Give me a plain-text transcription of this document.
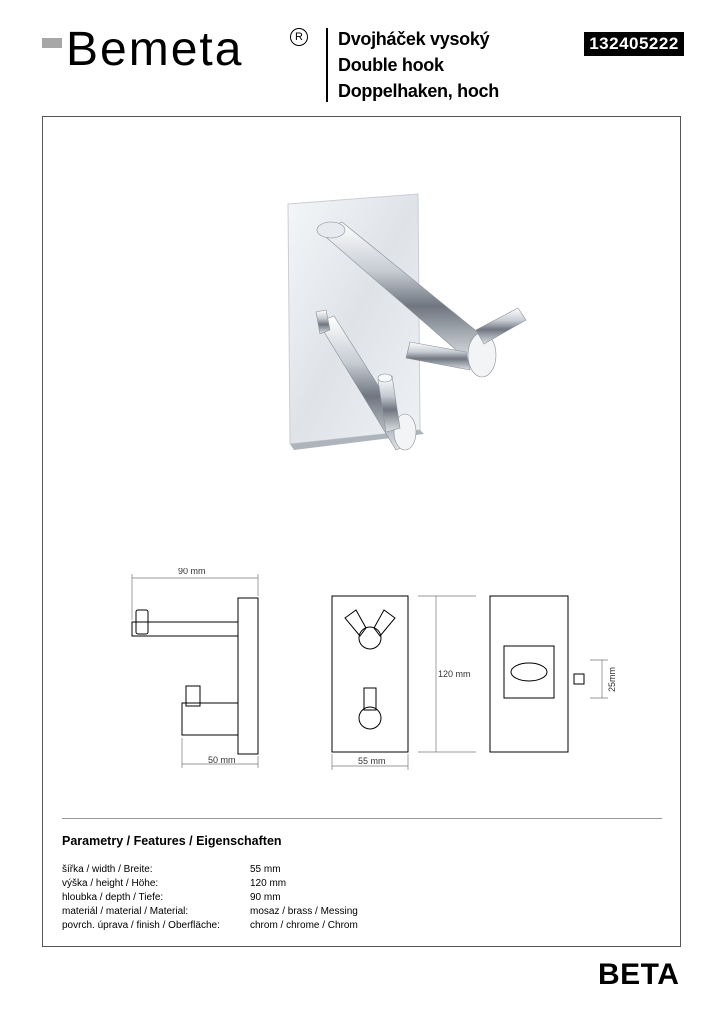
Bemeta	R Dvojháček vysoký
Double hook
Doppelhaken, hoch
132405222
90 mm
50 mm
120 mm
55 mm
25mm
Parametry / Features / Eigenschaften
šířka / width / Breite:	55 mm
výška / height / Höhe:	120 mm
hloubka / depth / Tiefe:	90 mm
materiál / material / Material:	mosaz / brass / Messing
povrch. úprava / finish / Oberfläche:	chrom / chrome / Chrom
BETA
